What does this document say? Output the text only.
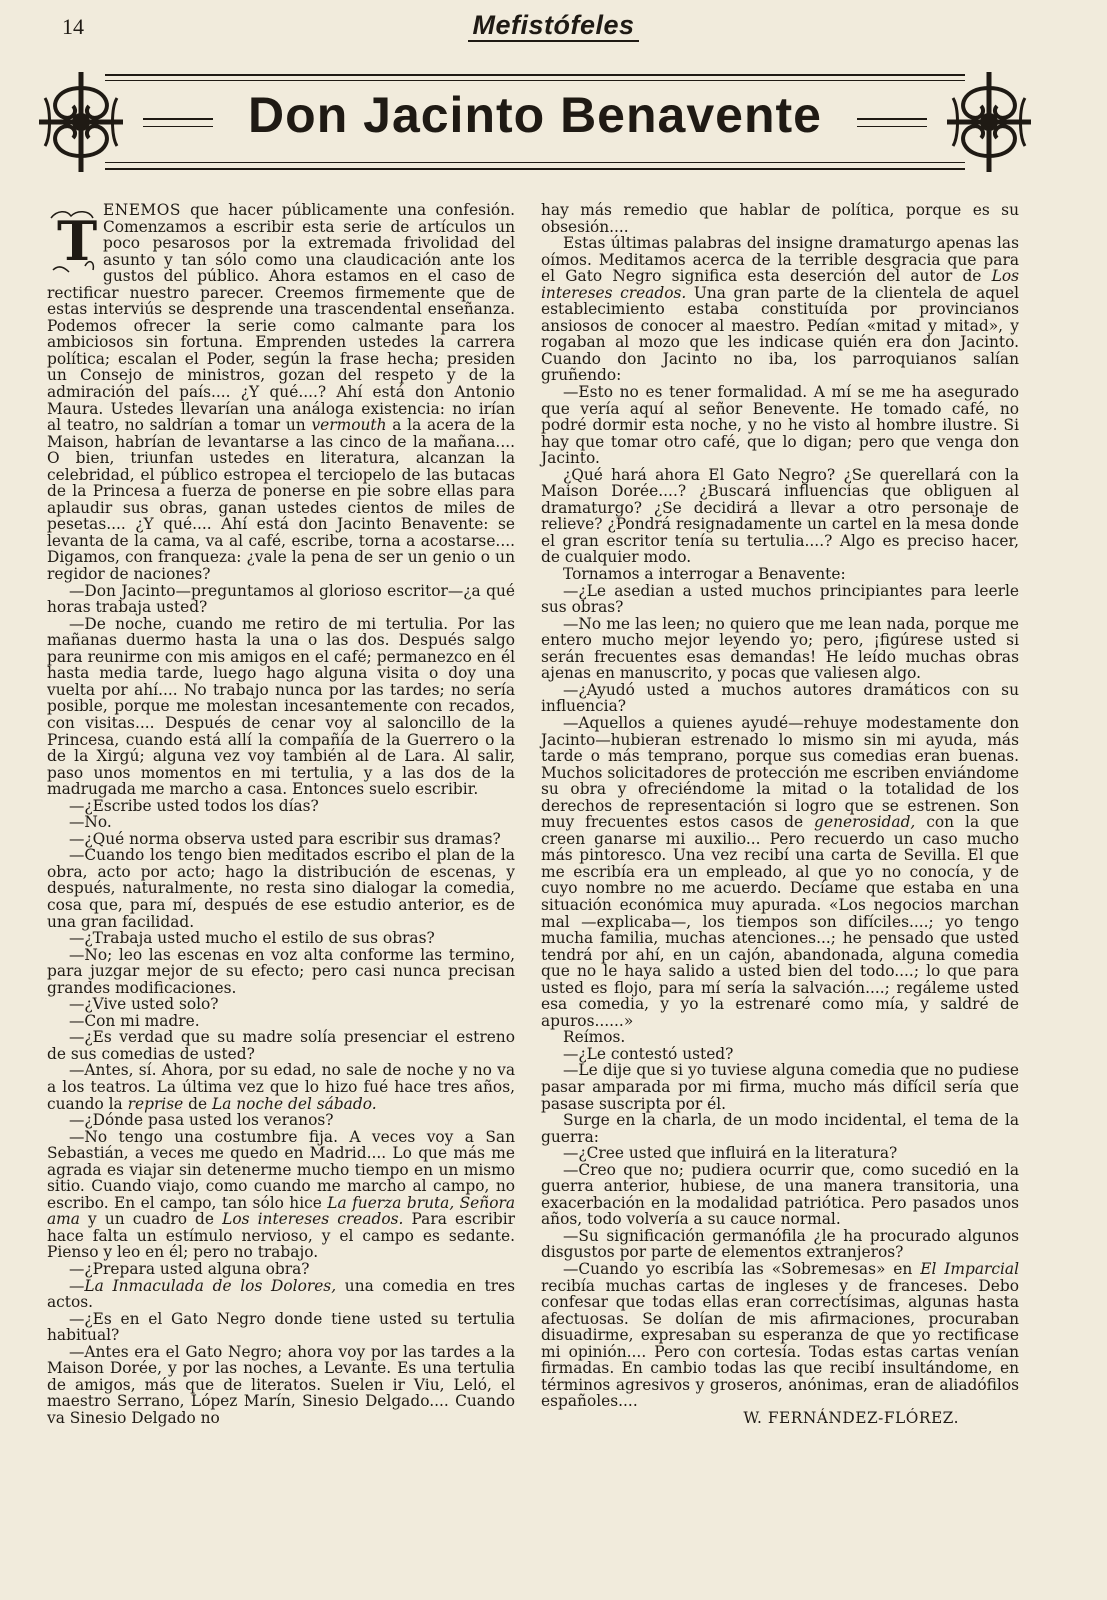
14	Mefistófeles
Don Jacinto Benavente

T ENEMOS que hacer públicamente una confesión. Comenzamos a escribir esta serie de artículos un poco pesarosos por la extremada frivolidad del asunto y tan sólo como una claudicación ante los gustos del público. Ahora estamos en el caso de rectificar nuestro parecer. Creemos firmemente que de estas interviús se desprende una trascendental enseñanza. Podemos ofrecer la serie como calmante para los ambiciosos sin fortuna. Emprenden ustedes la carrera política; escalan el Poder, según la frase hecha; presiden un Consejo de ministros, gozan del respeto y de la admiración del país.... ¿Y qué....? Ahí está don Antonio Maura. Ustedes llevarían una análoga existencia: no irían al teatro, no saldrían a tomar un vermouth a la acera de la Maison, habrían de levantarse a las cinco de la mañana.... O bien, triunfan ustedes en literatura, alcanzan la celebridad, el público estropea el terciopelo de las butacas de la Princesa a fuerza de ponerse en pie sobre ellas para aplaudir sus obras, ganan ustedes cientos de miles de pesetas.... ¿Y qué.... Ahí está don Jacinto Benavente: se levanta de la cama, va al café, escribe, torna a acostarse.... Digamos, con franqueza: ¿vale la pena de ser un genio o un regidor de naciones?

—Don Jacinto—preguntamos al glorioso escritor—¿a qué horas trabaja usted?

—De noche, cuando me retiro de mi tertulia. Por las mañanas duermo hasta la una o las dos. Después salgo para reunirme con mis amigos en el café; permanezco en él hasta media tarde, luego hago alguna visita o doy una vuelta por ahí.... No trabajo nunca por las tardes; no sería posible, porque me molestan incesantemente con recados, con visitas.... Después de cenar voy al saloncillo de la Princesa, cuando está allí la compañía de la Guerrero o la de la Xirgú; alguna vez voy también al de Lara. Al salir, paso unos momentos en mi tertulia, y a las dos de la madrugada me marcho a casa. Entonces suelo escribir.

—¿Escribe usted todos los días?

—No.

—¿Qué norma observa usted para escribir sus dramas?

—Cuando los tengo bien meditados escribo el plan de la obra, acto por acto; hago la distribución de escenas, y después, naturalmente, no resta sino dialogar la comedia, cosa que, para mí, después de ese estudio anterior, es de una gran facilidad.

—¿Trabaja usted mucho el estilo de sus obras?

—No; leo las escenas en voz alta conforme las termino, para juzgar mejor de su efecto; pero casi nunca precisan grandes modificaciones.

—¿Vive usted solo?

—Con mi madre.

—¿Es verdad que su madre solía presenciar el estreno de sus comedias de usted?

—Antes, sí. Ahora, por su edad, no sale de noche y no va a los teatros. La última vez que lo hizo fué hace tres años, cuando la reprise de La noche del sábado.

—¿Dónde pasa usted los veranos?

—No tengo una costumbre fija. A veces voy a San Sebastián, a veces me quedo en Madrid.... Lo que más me agrada es viajar sin detenerme mucho tiempo en un mismo sitio. Cuando viajo, como cuando me marcho al campo, no escribo. En el campo, tan sólo hice La fuerza bruta, Señora ama y un cuadro de Los intereses creados. Para escribir hace falta un estímulo nervioso, y el campo es sedante. Pienso y leo en él; pero no trabajo.

—¿Prepara usted alguna obra?

—La Inmaculada de los Dolores, una comedia en tres actos.

—¿Es en el Gato Negro donde tiene usted su tertulia habitual?

—Antes era el Gato Negro; ahora voy por las tardes a la Maison Dorée, y por las noches, a Levante. Es una tertulia de amigos, más que de literatos. Suelen ir Viu, Leló, el maestro Serrano, López Marín, Sinesio Delgado.... Cuando va Sinesio Delgado no

hay más remedio que hablar de política, porque es su obsesión....

Estas últimas palabras del insigne dramaturgo apenas las oímos. Meditamos acerca de la terrible desgracia que para el Gato Negro significa esta deserción del autor de Los intereses creados. Una gran parte de la clientela de aquel establecimiento estaba constituída por provincianos ansiosos de conocer al maestro. Pedían «mitad y mitad», y rogaban al mozo que les indicase quién era don Jacinto. Cuando don Jacinto no iba, los parroquianos salían gruñendo:

—Esto no es tener formalidad. A mí se me ha asegurado que vería aquí al señor Benevente. He tomado café, no podré dormir esta noche, y no he visto al hombre ilustre. Si hay que tomar otro café, que lo digan; pero que venga don Jacinto.

¿Qué hará ahora El Gato Negro? ¿Se querellará con la Maison Dorée....? ¿Buscará influencias que obliguen al dramaturgo? ¿Se decidirá a llevar a otro personaje de relieve? ¿Pondrá resignadamente un cartel en la mesa donde el gran escritor tenía su tertulia....? Algo es preciso hacer, de cualquier modo.

Tornamos a interrogar a Benavente:

—¿Le asedian a usted muchos principiantes para leerle sus obras?

—No me las leen; no quiero que me lean nada, porque me entero mucho mejor leyendo yo; pero, ¡figúrese usted si serán frecuentes esas demandas! He leído muchas obras ajenas en manuscrito, y pocas que valiesen algo.

—¿Ayudó usted a muchos autores dramáticos con su influencia?

—Aquellos a quienes ayudé—rehuye modestamente don Jacinto—hubieran estrenado lo mismo sin mi ayuda, más tarde o más temprano, porque sus comedias eran buenas. Muchos solicitadores de protección me escriben enviándome su obra y ofreciéndome la mitad o la totalidad de los derechos de representación si logro que se estrenen. Son muy frecuentes estos casos de generosidad, con la que creen ganarse mi auxilio... Pero recuerdo un caso mucho más pintoresco. Una vez recibí una carta de Sevilla. El que me escribía era un empleado, al que yo no conocía, y de cuyo nombre no me acuerdo. Decíame que estaba en una situación económica muy apurada. «Los negocios marchan mal —explicaba—, los tiempos son difíciles....; yo tengo mucha familia, muchas atenciones...; he pensado que usted tendrá por ahí, en un cajón, abandonada, alguna comedia que no le haya salido a usted bien del todo....; lo que para usted es flojo, para mí sería la salvación....; regáleme usted esa comedia, y yo la estrenaré como mía, y saldré de apuros......»

Reímos.

—¿Le contestó usted?

—Le dije que si yo tuviese alguna comedia que no pudiese pasar amparada por mi firma, mucho más difícil sería que pasase suscripta por él.

Surge en la charla, de un modo incidental, el tema de la guerra:

—¿Cree usted que influirá en la literatura?

—Creo que no; pudiera ocurrir que, como sucedió en la guerra anterior, hubiese, de una manera transitoria, una exacerbación en la modalidad patriótica. Pero pasados unos años, todo volvería a su cauce normal.

—Su significación germanófila ¿le ha procurado algunos disgustos por parte de elementos extranjeros?

—Cuando yo escribía las «Sobremesas» en El Imparcial recibía muchas cartas de ingleses y de franceses. Debo confesar que todas ellas eran correctísimas, algunas hasta afectuosas. Se dolían de mis afirmaciones, procuraban disuadirme, expresaban su esperanza de que yo rectificase mi opinión.... Pero con cortesía. Todas estas cartas venían firmadas. En cambio todas las que recibí insultándome, en términos agresivos y groseros, anónimas, eran de aliadófilos españoles....

W. FERNÁNDEZ-FLÓREZ.
